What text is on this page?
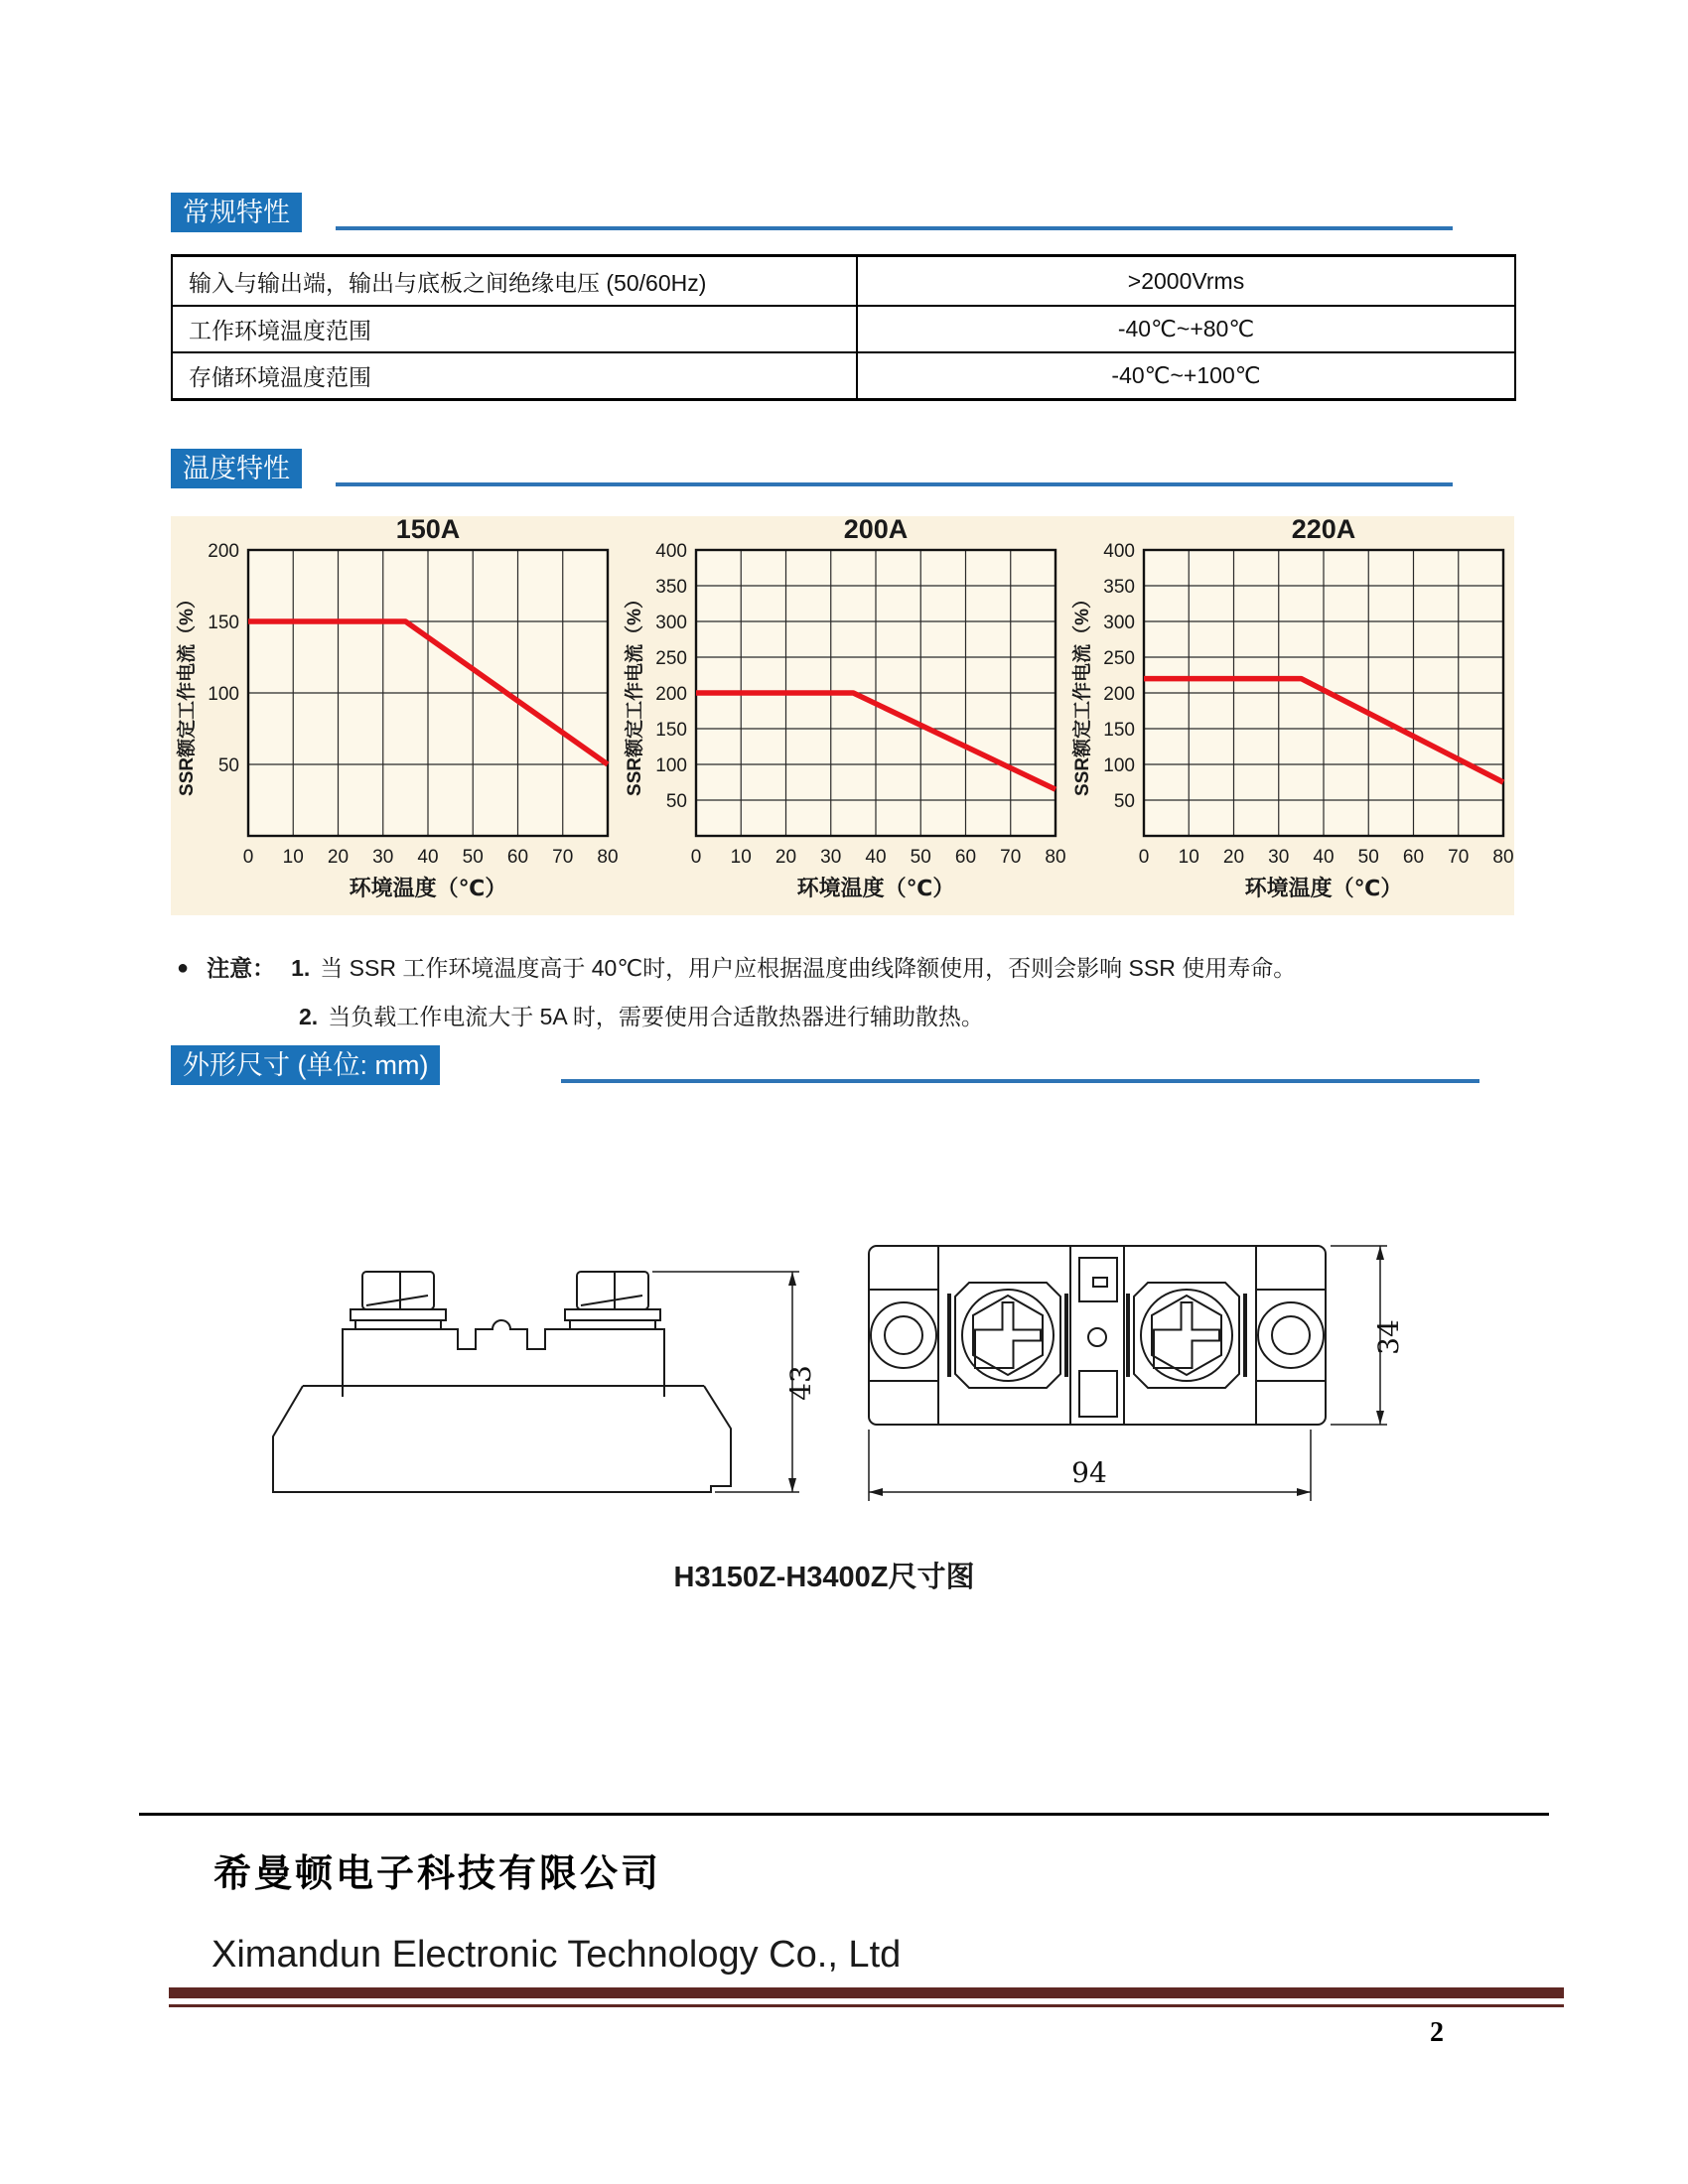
常规特性
输入与输出端，输出与底板之间绝缘电压 (50/60Hz)	>2000Vrms
工作环境温度范围	-40℃~+80℃
存储环境温度范围	-40℃~+100℃
温度特性
0 10 20 30 40 50 60 70 80
50
100
150
200
150A
环境温度（℃）
SSR额定工作电流（%）
0 10 20 30 40 50 60 70 80
50
100
150
200
250
300
350
400
200A
环境温度（℃）
SSR额定工作电流（%）
0 10 20 30 40 50 60 70 80
50
100
150
200
250
300
350
400
220A
环境温度（℃）
SSR额定工作电流（%）
● 注意： 1. 当 SSR 工作环境温度高于 40℃时，用户应根据温度曲线降额使用，否则会影响 SSR 使用寿命。
2. 当负载工作电流大于 5A 时，需要使用合适散热器进行辅助散热。
外形尺寸 (单位: mm)
43
34
94
H3150Z-H3400Z尺寸图
希曼顿电子科技有限公司
Ximandun Electronic Technology Co., Ltd
2
